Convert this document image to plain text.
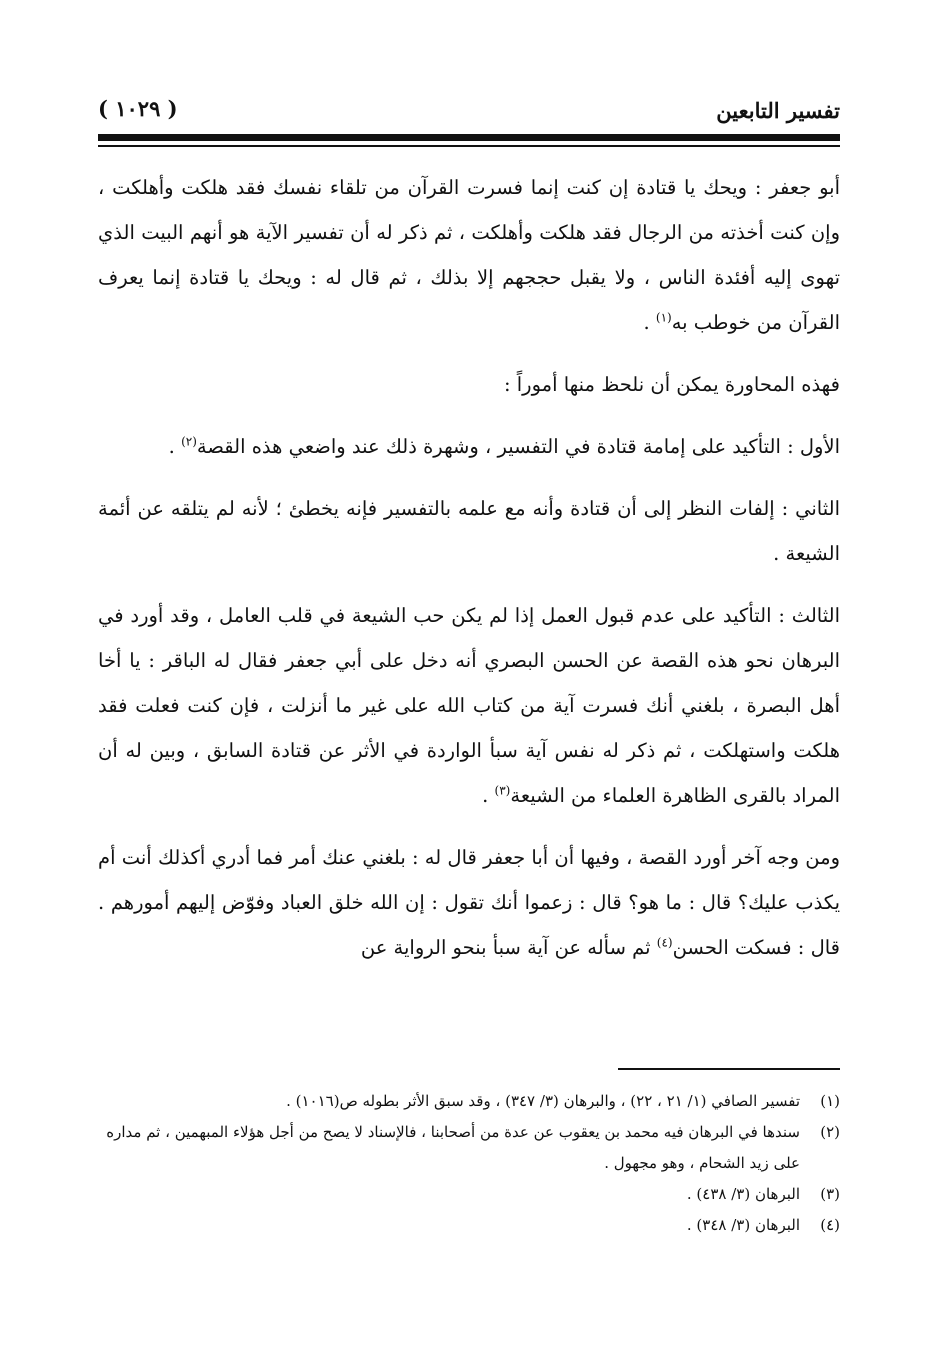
تفسير التابعين
( ١٠٢٩ )

أبو جعفر : ويحك يا قتادة إن كنت إنما فسرت القرآن من تلقاء نفسك فقد هلكت وأهلكت ، وإن كنت أخذته من الرجال فقد هلكت وأهلكت ، ثم ذكر له أن تفسير الآية هو أنهم البيت الذي تهوى إليه أفئدة الناس ، ولا يقبل حججهم إلا بذلك ، ثم قال له : ويحك يا قتادة إنما يعرف القرآن من خوطب به$^{(١)}$ .

فهذه المحاورة يمكن أن نلحظ منها أموراً :

الأول : التأكيد على إمامة قتادة في التفسير ، وشهرة ذلك عند واضعي هذه القصة$^{(٢)}$ .

الثاني : إلفات النظر إلى أن قتادة وأنه مع علمه بالتفسير فإنه يخطئ ؛ لأنه لم يتلقه عن أئمة الشيعة .

الثالث : التأكيد على عدم قبول العمل إذا لم يكن حب الشيعة في قلب العامل ، وقد أورد في البرهان نحو هذه القصة عن الحسن البصري أنه دخل على أبي جعفر فقال له الباقر : يا أخا أهل البصرة ، بلغني أنك فسرت آية من كتاب الله على غير ما أنزلت ، فإن كنت فعلت فقد هلكت واستهلكت ، ثم ذكر له نفس آية سبأ الواردة في الأثر عن قتادة السابق ، وبين له أن المراد بالقرى الظاهرة العلماء من الشيعة$^{(٣)}$ .

ومن وجه آخر أورد القصة ، وفيها أن أبا جعفر قال له : بلغني عنك أمر فما أدري أكذلك أنت أم يكذب عليك؟ قال : ما هو؟ قال : زعموا أنك تقول : إن الله خلق العباد وفوّض إليهم أمورهم . قال : فسكت الحسن$^{(٤)}$ ثم سأله عن آية سبأ بنحو الرواية عن

(١)
تفسير الصافي (١/ ٢١ ، ٢٢) ، والبرهان (٣/ ٣٤٧) ، وقد سبق الأثر بطوله ص(١٠١٦) .
(٢)
سندها في البرهان فيه محمد بن يعقوب عن عدة من أصحابنا ، فالإسناد لا يصح من أجل هؤلاء المبهمين ، ثم مداره على زيد الشحام ، وهو مجهول .
(٣)
البرهان (٣/ ٤٣٨) .
(٤)
البرهان (٣/ ٣٤٨) .
